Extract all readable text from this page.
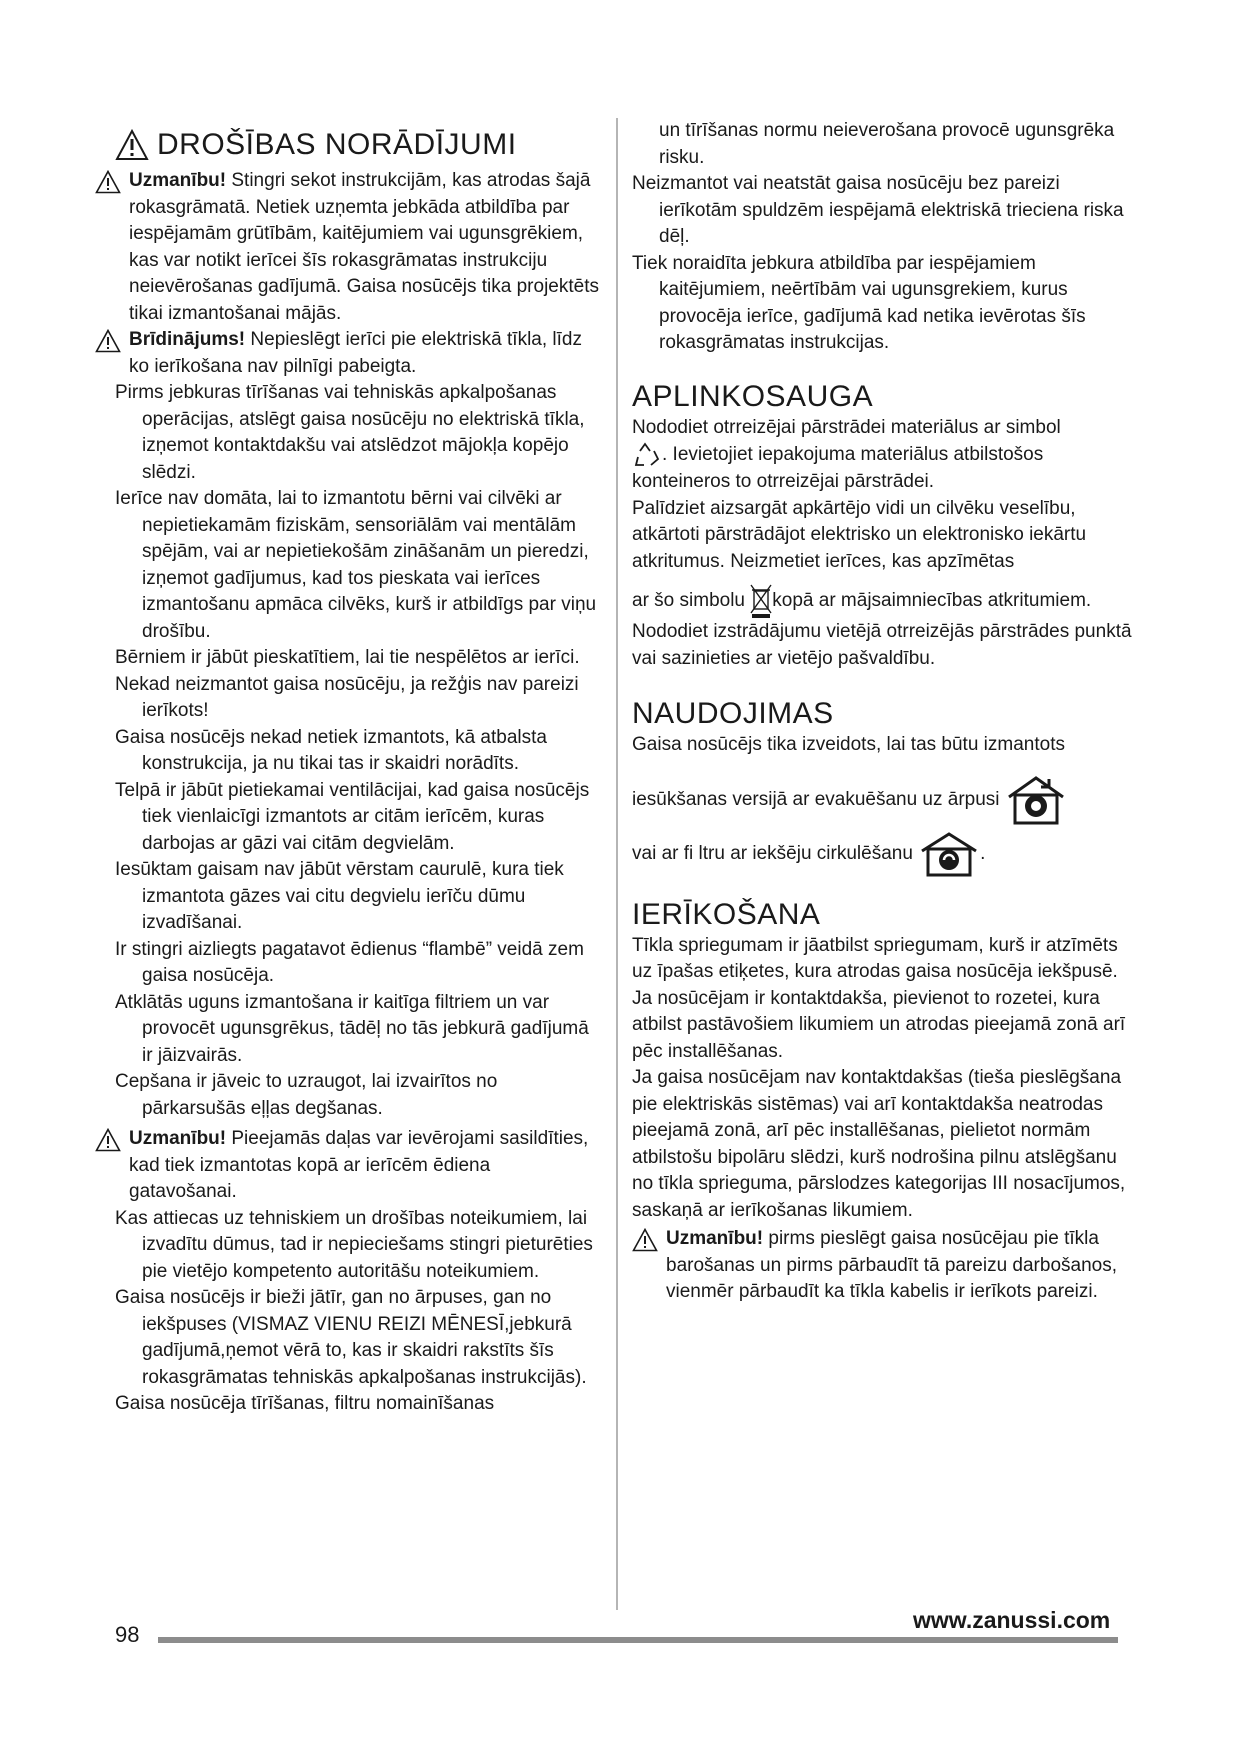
DROŠĪBAS NORĀDĪJUMI

Uzmanību! Stingri sekot instrukcijām, kas atrodas šajā rokasgrāmatā. Netiek uzņemta jebkāda atbildība par iespējamām grūtībām, kaitējumiem vai ugunsgrēkiem, kas var notikt ierīcei šīs rokasgrāmatas instrukciju neievērošanas gadījumā. Gaisa nosūcējs tika projektēts tikai izmantošanai mājās.

Brīdinājums! Nepieslēgt ierīci pie elektriskā tīkla, līdz ko ierīkošana nav pilnīgi pabeigta.

Pirms jebkuras tīrīšanas vai tehniskās apkalpošanas operācijas, atslēgt gaisa nosūcēju no elektriskā tīkla, izņemot kontaktdakšu vai atslēdzot mājokļa kopējo slēdzi.

Ierīce nav domāta, lai to izmantotu bērni vai cilvēki ar nepietiekamām fiziskām, sensoriālām vai mentālām spējām, vai ar nepietiekošām zināšanām un pieredzi, izņemot gadījumus, kad tos pieskata vai ierīces izmantošanu apmāca cilvēks, kurš ir atbildīgs par viņu drošību.

Bērniem ir jābūt pieskatītiem, lai tie nespēlētos ar ierīci.

Nekad neizmantot gaisa nosūcēju, ja režģis nav pareizi ierīkots!

Gaisa nosūcējs nekad netiek izmantots, kā atbalsta konstrukcija, ja nu tikai tas ir skaidri norādīts.

Telpā ir jābūt pietiekamai ventilācijai, kad gaisa nosūcējs tiek vienlaicīgi izmantots ar citām ierīcēm, kuras darbojas ar gāzi vai citām degvielām.

Iesūktam gaisam nav jābūt vērstam caurulē, kura tiek izmantota gāzes vai citu degvielu ierīču dūmu izvadīšanai.

Ir stingri aizliegts pagatavot ēdienus “flambē” veidā zem gaisa nosūcēja.

Atklātās uguns izmantošana ir kaitīga filtriem un var provocēt ugunsgrēkus, tādēļ no tās jebkurā gadījumā ir jāizvairās.

Cepšana ir jāveic to uzraugot, lai izvairītos no pārkarsušās eļļas degšanas.

Uzmanību! Pieejamās daļas var ievērojami sasildīties, kad tiek izmantotas kopā ar ierīcēm ēdiena gatavošanai.

Kas attiecas uz tehniskiem un drošības noteikumiem, lai izvadītu dūmus, tad ir nepieciešams stingri pieturēties pie vietējo kompetento autoritāšu noteikumiem.

Gaisa nosūcējs ir bieži jātīr, gan no ārpuses, gan no iekšpuses (VISMAZ VIENU REIZI MĒNESĪ,jebkurā gadījumā,ņemot vērā to, kas ir skaidri rakstīts šīs rokasgrāmatas tehniskās apkalpošanas instrukcijās).

Gaisa nosūcēja tīrīšanas, filtru nomainīšanas

un tīrīšanas normu neieverošana provocē ugunsgrēka risku.

Neizmantot vai neatstāt gaisa nosūcēju bez pareizi ierīkotām spuldzēm iespējamā elektriskā trieciena riska dēļ.

Tiek noraidīta jebkura atbildība par iespējamiem kaitējumiem, neērtībām vai ugunsgrekiem, kurus provocēja ierīce, gadījumā kad netika ievērotas šīs rokasgrāmatas instrukcijas.

APLINKOSAUGA

Nododiet otrreizējai pārstrādei materiālus ar simbol
. Ievietojiet iepakojuma materiālus atbilstošos konteineros to otrreizējai pārstrādei.

Palīdziet aizsargāt apkārtējo vidi un cilvēku veselību, atkārtoti pārstrādājot elektrisko un elektronisko iekārtu atkritumus. Neizmetiet ierīces, kas apzīmētas

ar šo simbolu kopā ar mājsaimniecības atkritumiem. Nododiet izstrādājumu vietējā otrreizējās pārstrādes punktā vai sazinieties ar vietējo pašvaldību.

NAUDOJIMAS

Gaisa nosūcējs tika izveidots, lai tas būtu izmantots

iesūkšanas versijā ar evakuēšanu uz ārpusi

vai ar fi ltru ar iekšēju cirkulēšanu	.

IERĪKOŠANA

Tīkla spriegumam ir jāatbilst spriegumam, kurš ir atzīmēts uz īpašas etiķetes, kura atrodas gaisa nosūcēja iekšpusē. Ja nosūcējam ir kontaktdakša, pievienot to rozetei, kura atbilst pastāvošiem likumiem un atrodas pieejamā zonā arī pēc installēšanas.

Ja gaisa nosūcējam nav kontaktdakšas (tieša pieslēgšana pie elektriskās sistēmas) vai arī kontaktdakša neatrodas pieejamā zonā, arī pēc installēšanas, pielietot normām atbilstošu bipolāru slēdzi, kurš nodrošina pilnu atslēgšanu no tīkla sprieguma, pārslodzes kategorijas III nosacījumos, saskaņā ar ierīkošanas likumiem.

Uzmanību! pirms pieslēgt gaisa nosūcējau pie tīkla barošanas un pirms pārbaudīt tā pareizu darbošanos, vienmēr pārbaudīt ka tīkla kabelis ir ierīkots pareizi.

98
www.zanussi.com
